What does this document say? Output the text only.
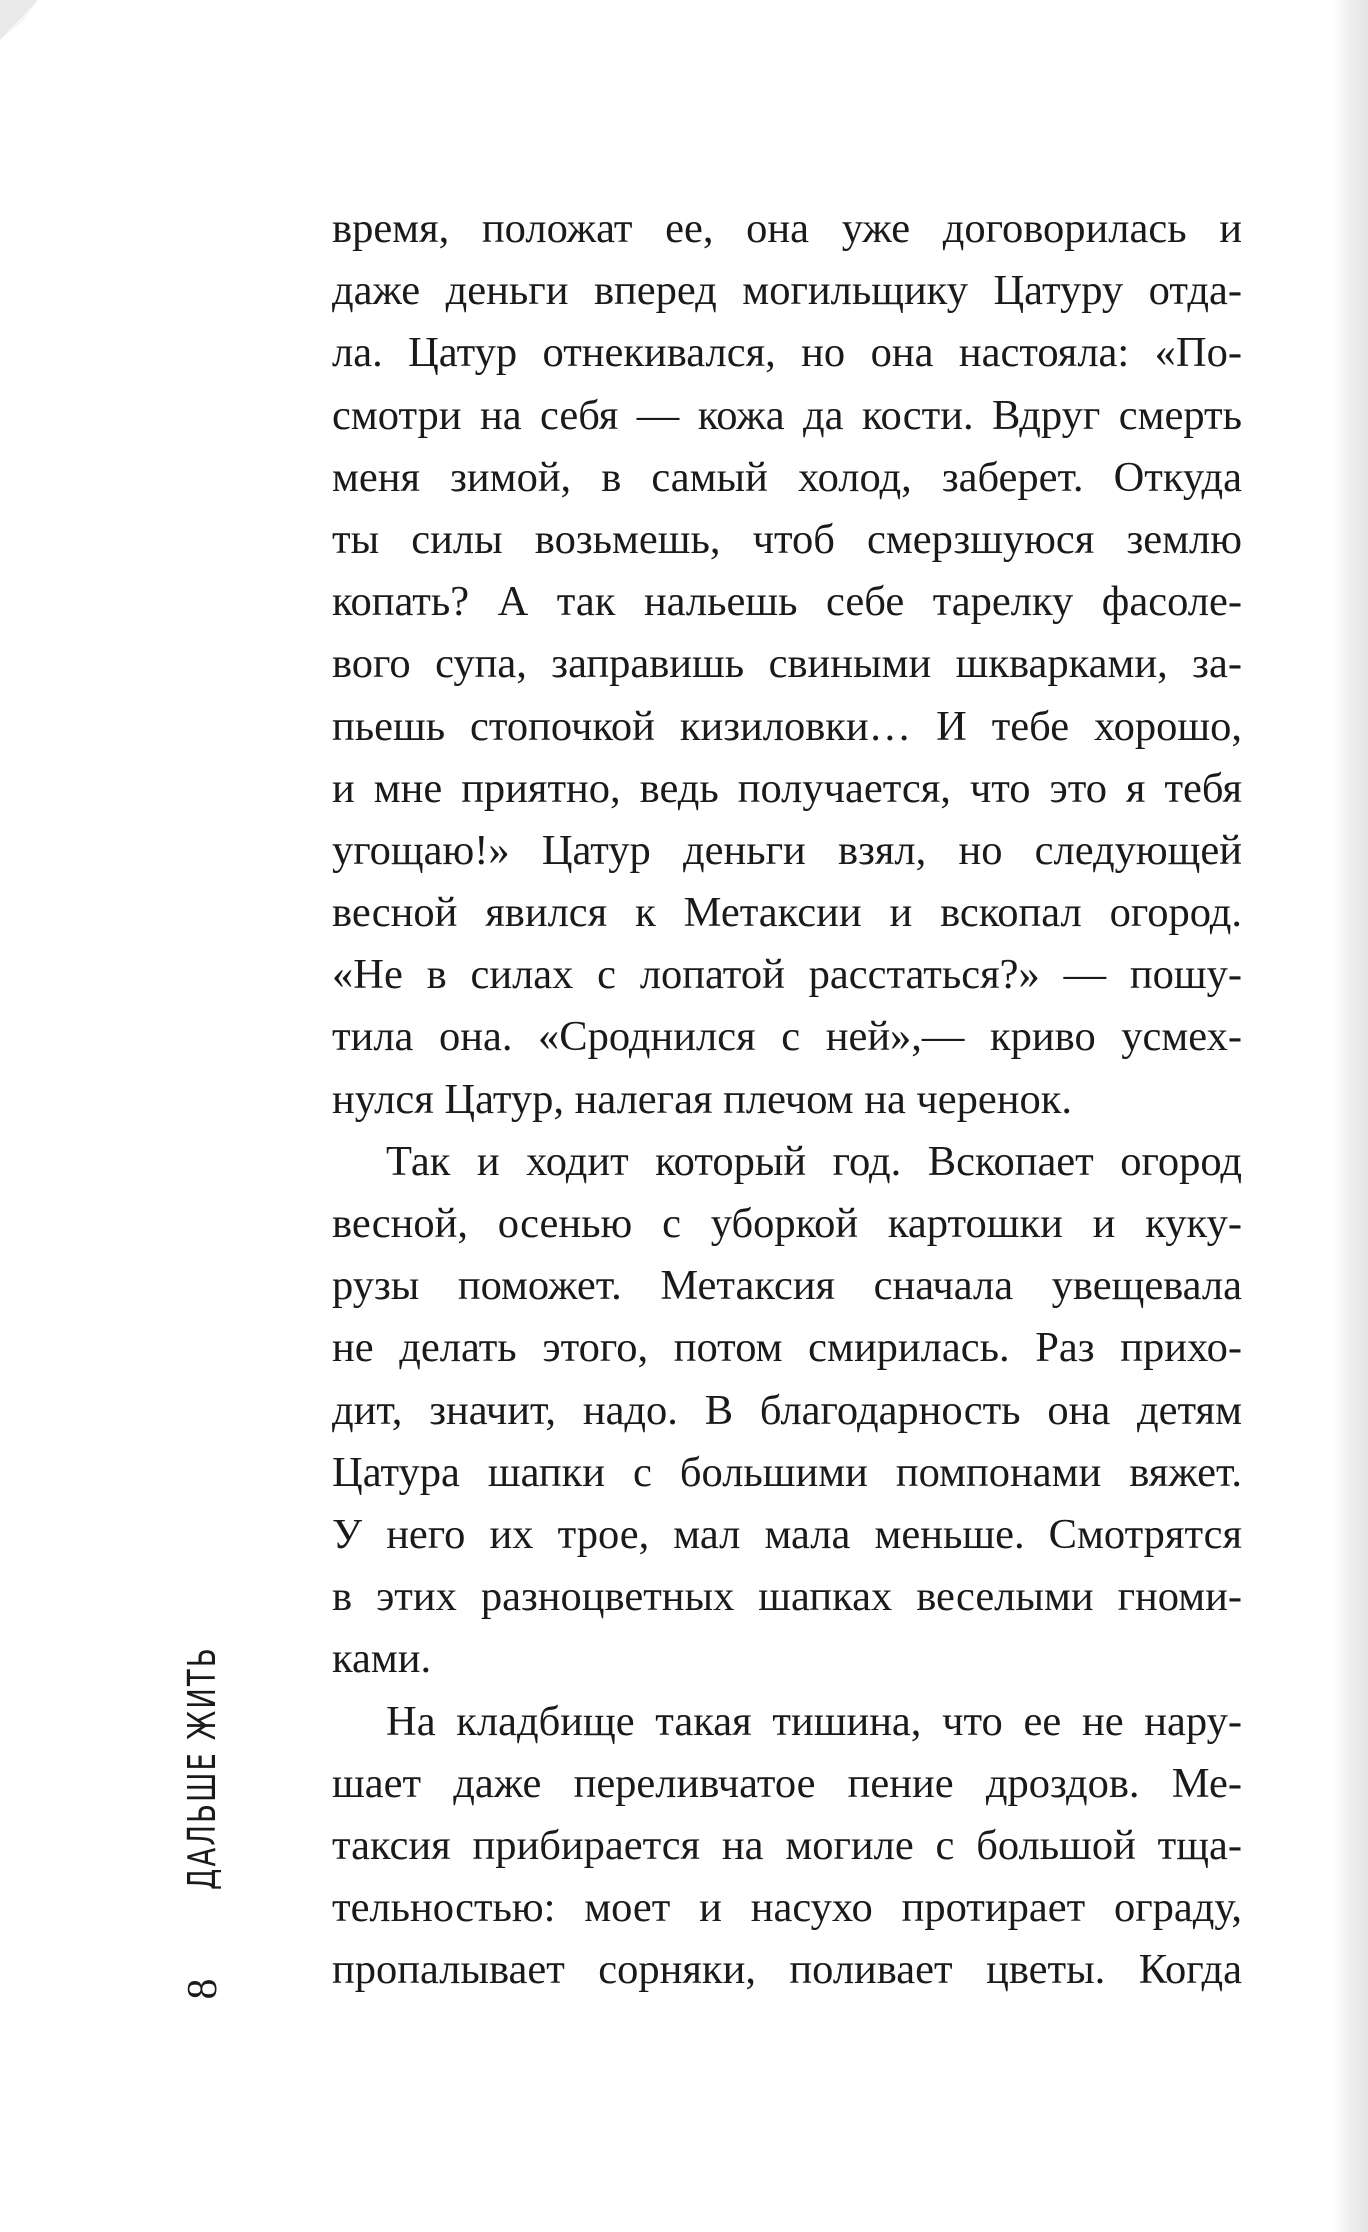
время, положат ее, она уже договорилась и
даже деньги вперед могильщику Цатуру отда-
ла. Цатур отнекивался, но она настояла: «По-
смотри на себя — кожа да кости. Вдруг смерть
меня зимой, в самый холод, заберет. Откуда
ты силы возьмешь, чтоб смерзшуюся землю
копать? А так нальешь себе тарелку фасоле-
вого супа, заправишь свиными шкварками, за-
пьешь стопочкой кизиловки… И тебе хорошо,
и мне приятно, ведь получается, что это я тебя
угощаю!» Цатур деньги взял, но следующей
весной явился к Метаксии и вскопал огород.
«Не в силах с лопатой расстаться?» — пошу-
тила она. «Сроднился с ней»,— криво усмех-
нулся Цатур, налегая плечом на черенок.
Так и ходит который год. Вскопает огород
весной, осенью с уборкой картошки и куку-
рузы поможет. Метаксия сначала увещевала
не делать этого, потом смирилась. Раз прихо-
дит, значит, надо. В благодарность она детям
Цатура шапки с большими помпонами вяжет.
У него их трое, мал мала меньше. Смотрятся
в этих разноцветных шапках веселыми гноми-
ками.
На кладбище такая тишина, что ее не нару-
шает даже переливчатое пение дроздов. Ме-
таксия прибирается на могиле с большой тща-
тельностью: моет и насухо протирает ограду,
пропалывает сорняки, поливает цветы. Когда
ДАЛЬШЕ ЖИТЬ
8
